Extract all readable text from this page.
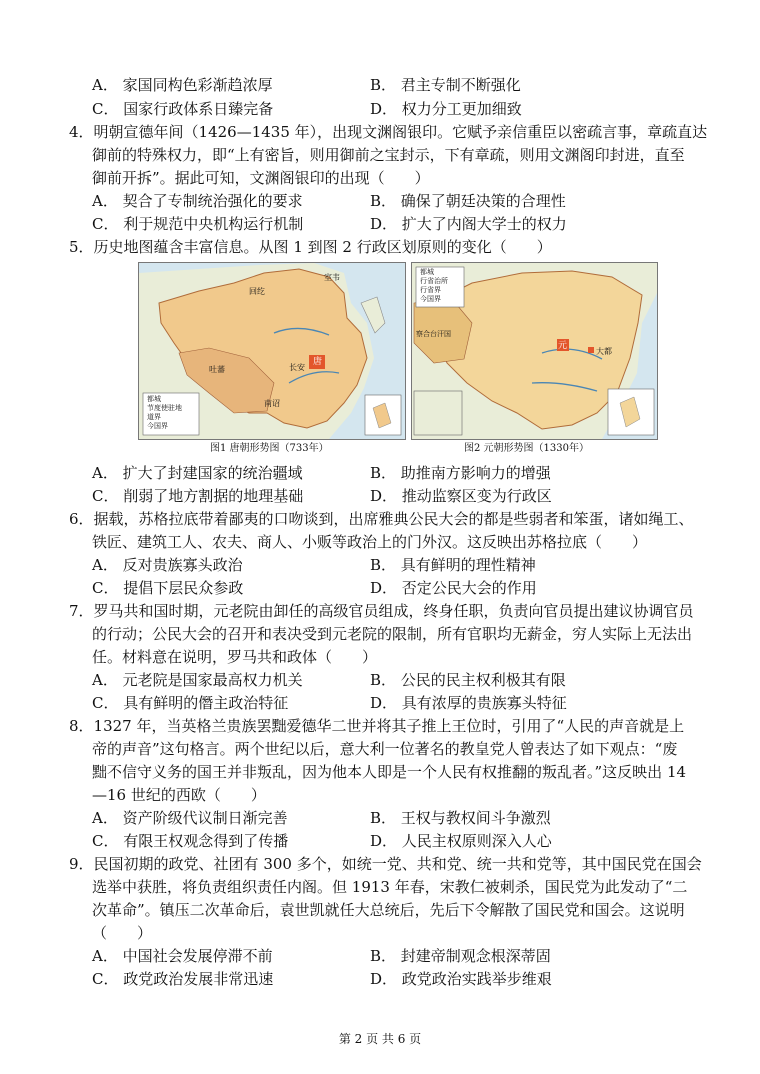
A． 家国同构色彩渐趋浓厚	B． 君主专制不断强化
C． 国家行政体系日臻完备	D． 权力分工更加细致
4．明朝宣德年间（1426—1435 年），出现文渊阁银印。它赋予亲信重臣以密疏言事，章疏直达
御前的特殊权力，即“上有密旨，则用御前之宝封示，下有章疏，则用文渊阁印封进，直至
御前开拆”。据此可知，文渊阁银印的出现（　　）
A． 契合了专制统治强化的要求	B． 确保了朝廷决策的合理性
C． 利于规范中央机构运行机制	D． 扩大了内阁大学士的权力
5．历史地图蕴含丰富信息。从图 1 到图 2 行政区划原则的变化（　　）
唐
吐蕃	长安
室韦
回纥
南诏
都城
节度使驻地
道界
今国界
图1 唐朝形势图（733年）
元
大都
察合台汗国
都城
行省治所
行省界
今国界
图2 元朝形势图（1330年）
A． 扩大了封建国家的统治疆域	B． 助推南方影响力的增强
C． 削弱了地方割据的地理基础	D． 推动监察区变为行政区
6．据载，苏格拉底带着鄙夷的口吻谈到，出席雅典公民大会的都是些弱者和笨蛋，诸如绳工、
铁匠、建筑工人、农夫、商人、小贩等政治上的门外汉。这反映出苏格拉底（　　）
A． 反对贵族寡头政治	B． 具有鲜明的理性精神
C． 提倡下层民众参政	D． 否定公民大会的作用
7．罗马共和国时期，元老院由卸任的高级官员组成，终身任职，负责向官员提出建议协调官员
的行动；公民大会的召开和表决受到元老院的限制，所有官职均无薪金，穷人实际上无法出
任。材料意在说明，罗马共和政体（　　）
A． 元老院是国家最高权力机关	B． 公民的民主权利极其有限
C． 具有鲜明的僭主政治特征	D． 具有浓厚的贵族寡头特征
8．1327 年，当英格兰贵族罢黜爱德华二世并将其子推上王位时，引用了“人民的声音就是上
帝的声音”这句格言。两个世纪以后，意大利一位著名的教皇党人曾表达了如下观点：“废
黜不信守义务的国王并非叛乱，因为他本人即是一个人民有权推翻的叛乱者。”这反映出 14
—16 世纪的西欧（　　）
A． 资产阶级代议制日渐完善	B． 王权与教权间斗争激烈
C． 有限王权观念得到了传播	D． 人民主权原则深入人心
9．民国初期的政党、社团有 300 多个，如统一党、共和党、统一共和党等，其中国民党在国会
选举中获胜，将负责组织责任内阁。但 1913 年春，宋教仁被刺杀，国民党为此发动了“二
次革命”。镇压二次革命后，袁世凯就任大总统后，先后下令解散了国民党和国会。这说明
（　　）
A． 中国社会发展停滞不前	B． 封建帝制观念根深蒂固
C． 政党政治发展非常迅速	D． 政党政治实践举步维艰
第 2 页 共 6 页
